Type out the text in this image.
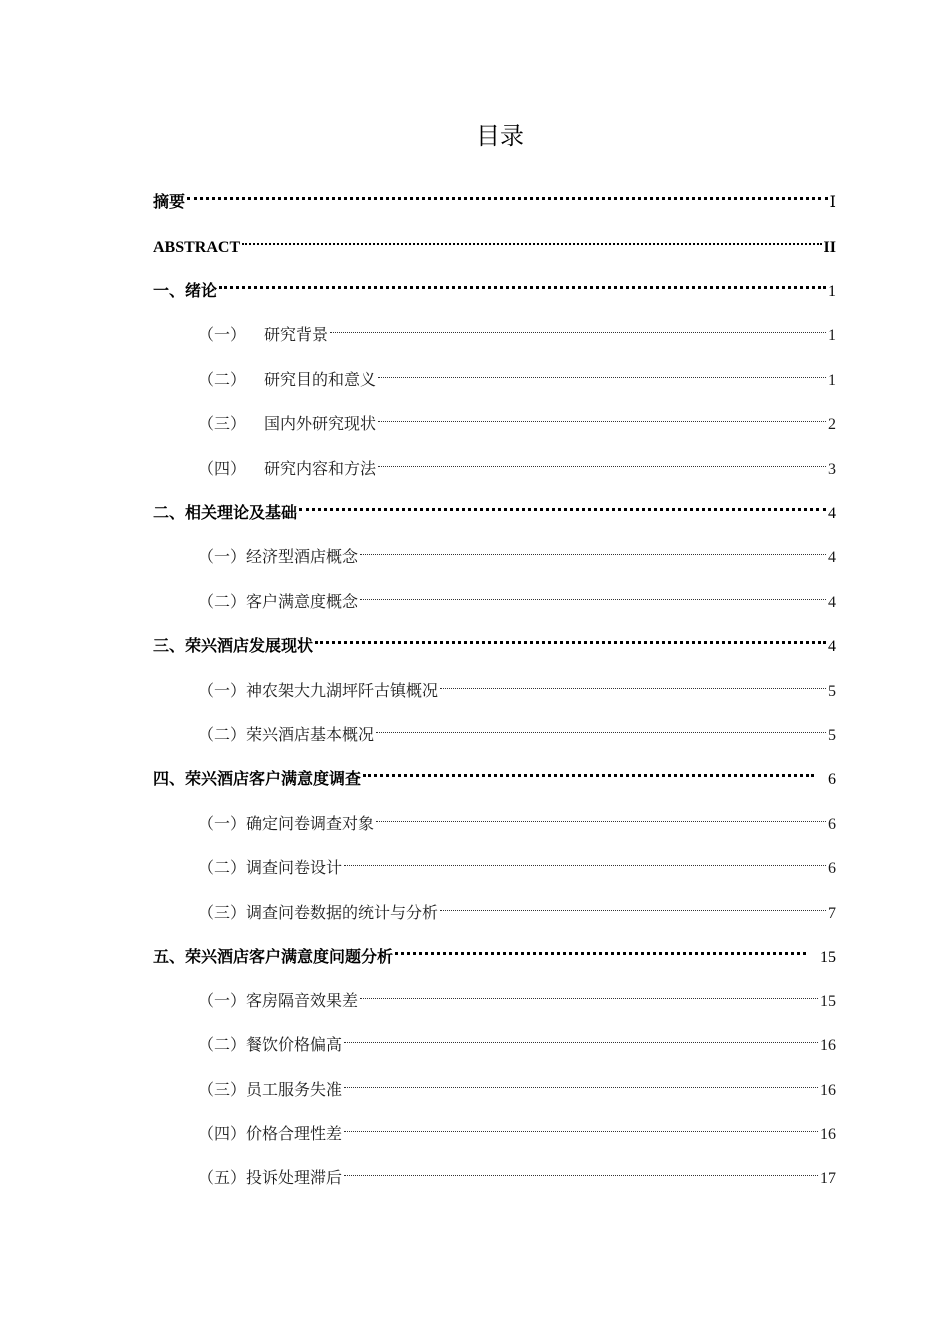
目录
摘要	Ⅰ
ABSTRACT	II
一、绪论	1
（一） 研究背景	1
（二） 研究目的和意义	1
（三） 国内外研究现状	2
（四） 研究内容和方法	3
二、相关理论及基础	4
（一）经济型酒店概念	4
（二）客户满意度概念	4
三、荣兴酒店发展现状	4
（一）神农架大九湖坪阡古镇概况	5
（二）荣兴酒店基本概况	5
四、荣兴酒店客户满意度调查	6
（一）确定问卷调查对象	6
（二）调查问卷设计	6
（三）调查问卷数据的统计与分析	7
五、荣兴酒店客户满意度问题分析	15
（一）客房隔音效果差	15
（二）餐饮价格偏高	16
（三）员工服务失准	16
（四）价格合理性差	16
（五）投诉处理滞后	17
